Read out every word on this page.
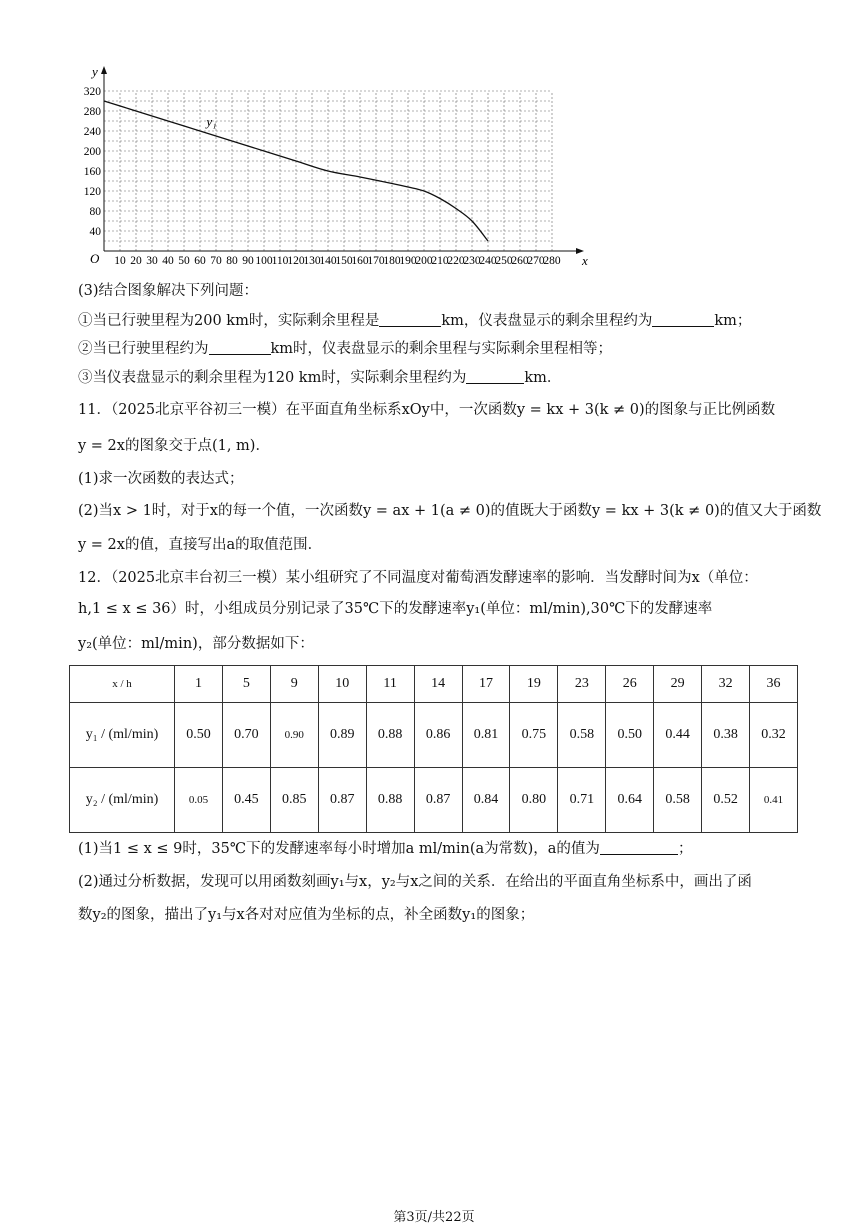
10 20 30 40 50 60 70 80 90 100
110
120
130
140
150
160
170
180
190
200
210
220
230
240
250
260
270
280
40
80
120
160
200
240
280
320
y₁
x
y
O
(3)结合图象解决下列问题：
①当已行驶里程为200 km时，实际剩余里程是	km，仪表盘显示的剩余里程约为	km；
②当已行驶里程约为	km时，仪表盘显示的剩余里程与实际剩余里程相等；
③当仪表盘显示的剩余里程为120 km时，实际剩余里程约为	km．
11．（2025北京平谷初三一模）在平面直角坐标系xOy中，一次函数y = kx + 3(k ≠ 0)的图象与正比例函数
y = 2x的图象交于点(1, m)．
(1)求一次函数的表达式；
(2)当x > 1时，对于x的每一个值，一次函数y = ax + 1(a ≠ 0)的值既大于函数y = kx + 3(k ≠ 0)的值又大于函数
y = 2x的值，直接写出a的取值范围．
12．（2025北京丰台初三一模）某小组研究了不同温度对葡萄酒发酵速率的影响．当发酵时间为x（单位：
h,1 ≤ x ≤ 36）时，小组成员分别记录了35℃下的发酵速率y₁(单位：ml/min),30℃下的发酵速率
y₂(单位：ml/min)，部分数据如下：
x / h	1	5	9	10	11	14	17	19	23	26	29	32	36
y₁ / (ml/min)	0.50	0.70	0.90	0.89	0.88	0.86	0.81	0.75	0.58	0.50	0.44	0.38	0.32
y₂ / (ml/min)	0.05	0.45	0.85	0.87	0.88	0.87	0.84	0.80	0.71	0.64	0.58	0.52	0.41
(1)当1 ≤ x ≤ 9时，35℃下的发酵速率每小时增加a ml/min(a为常数)，a的值为	；
(2)通过分析数据，发现可以用函数刻画y₁与x，y₂与x之间的关系．在给出的平面直角坐标系中，画出了函
数y₂的图象，描出了y₁与x各对对应值为坐标的点，补全函数y₁的图象；
第3页/共22页
